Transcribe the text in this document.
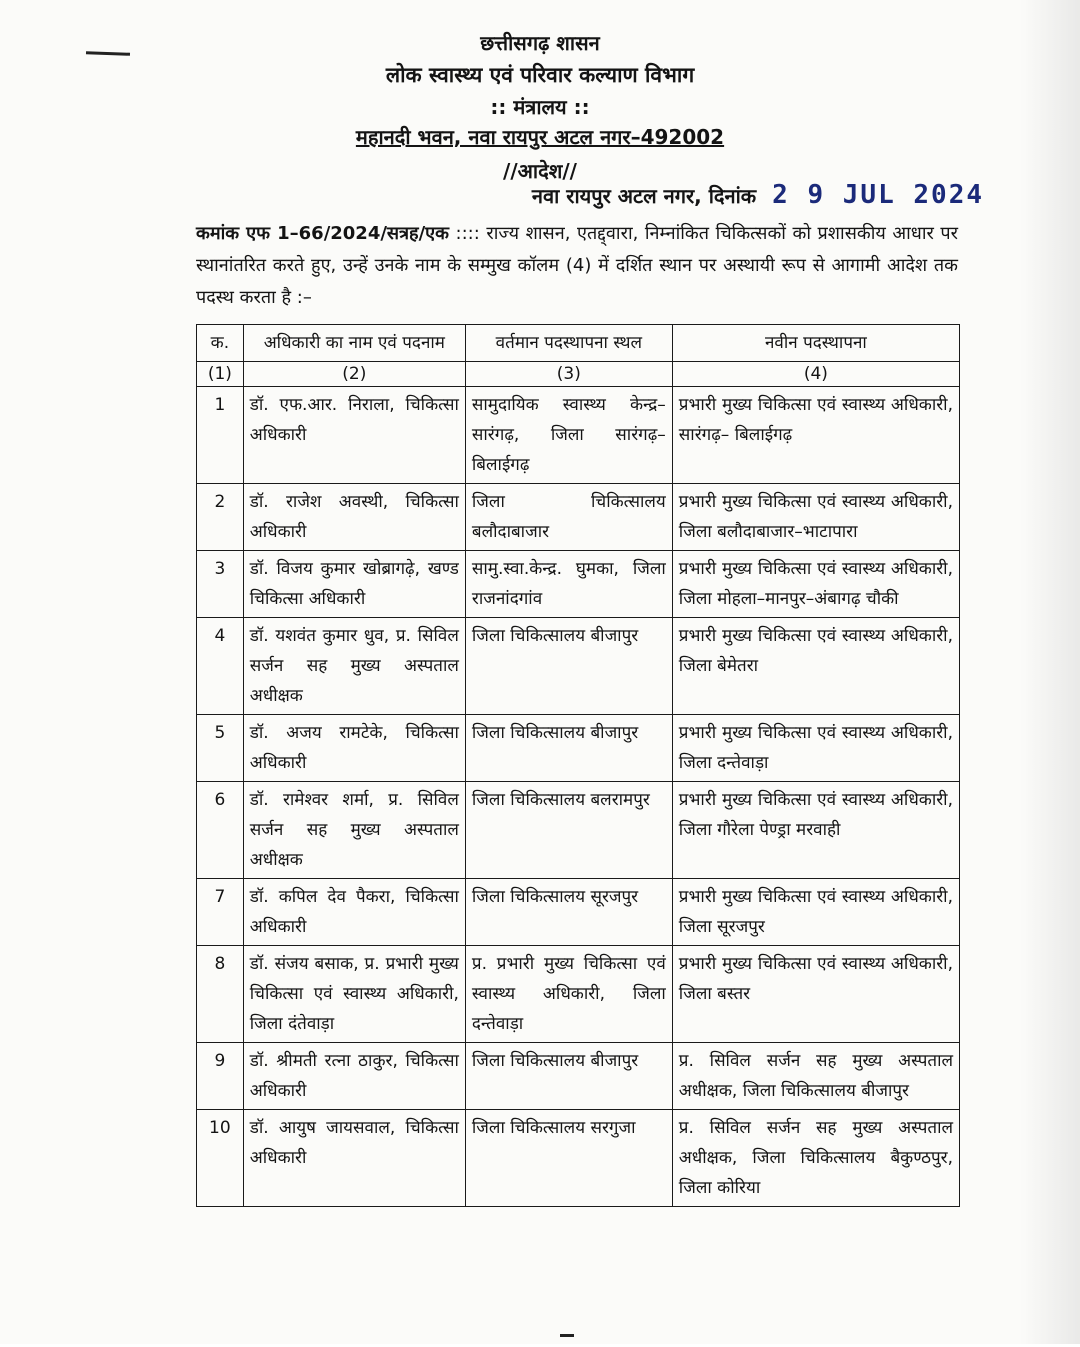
छत्तीसगढ़ शासन
लोक स्वास्थ्य एवं परिवार कल्याण विभाग
:: मंत्रालय ::
महानदी भवन, नवा रायपुर अटल नगर–492002
//आदेश//
नवा रायपुर अटल नगर, दिनांक 2 9 JUL 2024
कमांक एफ 1–66/2024/सत्रह/एक :::: राज्य शासन, एतद्द्वारा, निम्नांकित चिकित्सकों को प्रशासकीय आधार पर स्थानांतरित करते हुए, उन्हें उनके नाम के सम्मुख कॉलम (4) में दर्शित स्थान पर अस्थायी रूप से आगामी आदेश तक पदस्थ करता है :–
क.	अधिकारी का नाम एवं पदनाम	वर्तमान पदस्थापना स्थल	नवीन पदस्थापना
(1)	(2)	(3)	(4)
1	डॉ. एफ.आर. निराला, चिकित्सा अधिकारी	सामुदायिक स्वास्थ्य केन्द्र–सारंगढ़, जिला सारंगढ़– बिलाईगढ़	प्रभारी मुख्य चिकित्सा एवं स्वास्थ्य अधिकारी, सारंगढ़– बिलाईगढ़
2	डॉ. राजेश अवस्थी, चिकित्सा अधिकारी	जिला चिकित्सालय बलौदाबाजार	प्रभारी मुख्य चिकित्सा एवं स्वास्थ्य अधिकारी, जिला बलौदाबाजार–भाटापारा
3	डॉ. विजय कुमार खोब्रागढ़े, खण्ड चिकित्सा अधिकारी	सामु.स्वा.केन्द्र. घुमका, जिला राजनांदगांव	प्रभारी मुख्य चिकित्सा एवं स्वास्थ्य अधिकारी, जिला मोहला–मानपुर–अंबागढ़ चौकी
4	डॉ. यशवंत कुमार धुव, प्र. सिविल सर्जन सह मुख्य अस्पताल अधीक्षक	जिला चिकित्सालय बीजापुर	प्रभारी मुख्य चिकित्सा एवं स्वास्थ्य अधिकारी, जिला बेमेतरा
5	डॉ. अजय रामटेके, चिकित्सा अधिकारी	जिला चिकित्सालय बीजापुर	प्रभारी मुख्य चिकित्सा एवं स्वास्थ्य अधिकारी, जिला दन्तेवाड़ा
6	डॉ. रामेश्वर शर्मा, प्र. सिविल सर्जन सह मुख्य अस्पताल अधीक्षक	जिला चिकित्सालय बलरामपुर	प्रभारी मुख्य चिकित्सा एवं स्वास्थ्य अधिकारी, जिला गौरेला पेण्ड्रा मरवाही
7	डॉ. कपिल देव पैकरा, चिकित्सा अधिकारी	जिला चिकित्सालय सूरजपुर	प्रभारी मुख्य चिकित्सा एवं स्वास्थ्य अधिकारी, जिला सूरजपुर
8	डॉ. संजय बसाक, प्र. प्रभारी मुख्य चिकित्सा एवं स्वास्थ्य अधिकारी, जिला दंतेवाड़ा	प्र. प्रभारी मुख्य चिकित्सा एवं स्वास्थ्य अधिकारी, जिला दन्तेवाड़ा	प्रभारी मुख्य चिकित्सा एवं स्वास्थ्य अधिकारी, जिला बस्तर
9	डॉ. श्रीमती रत्ना ठाकुर, चिकित्सा अधिकारी	जिला चिकित्सालय बीजापुर	प्र. सिविल सर्जन सह मुख्य अस्पताल अधीक्षक, जिला चिकित्सालय बीजापुर
10	डॉ. आयुष जायसवाल, चिकित्सा अधिकारी	जिला चिकित्सालय सरगुजा	प्र. सिविल सर्जन सह मुख्य अस्पताल अधीक्षक, जिला चिकित्सालय बैकुण्ठपुर, जिला कोरिया
